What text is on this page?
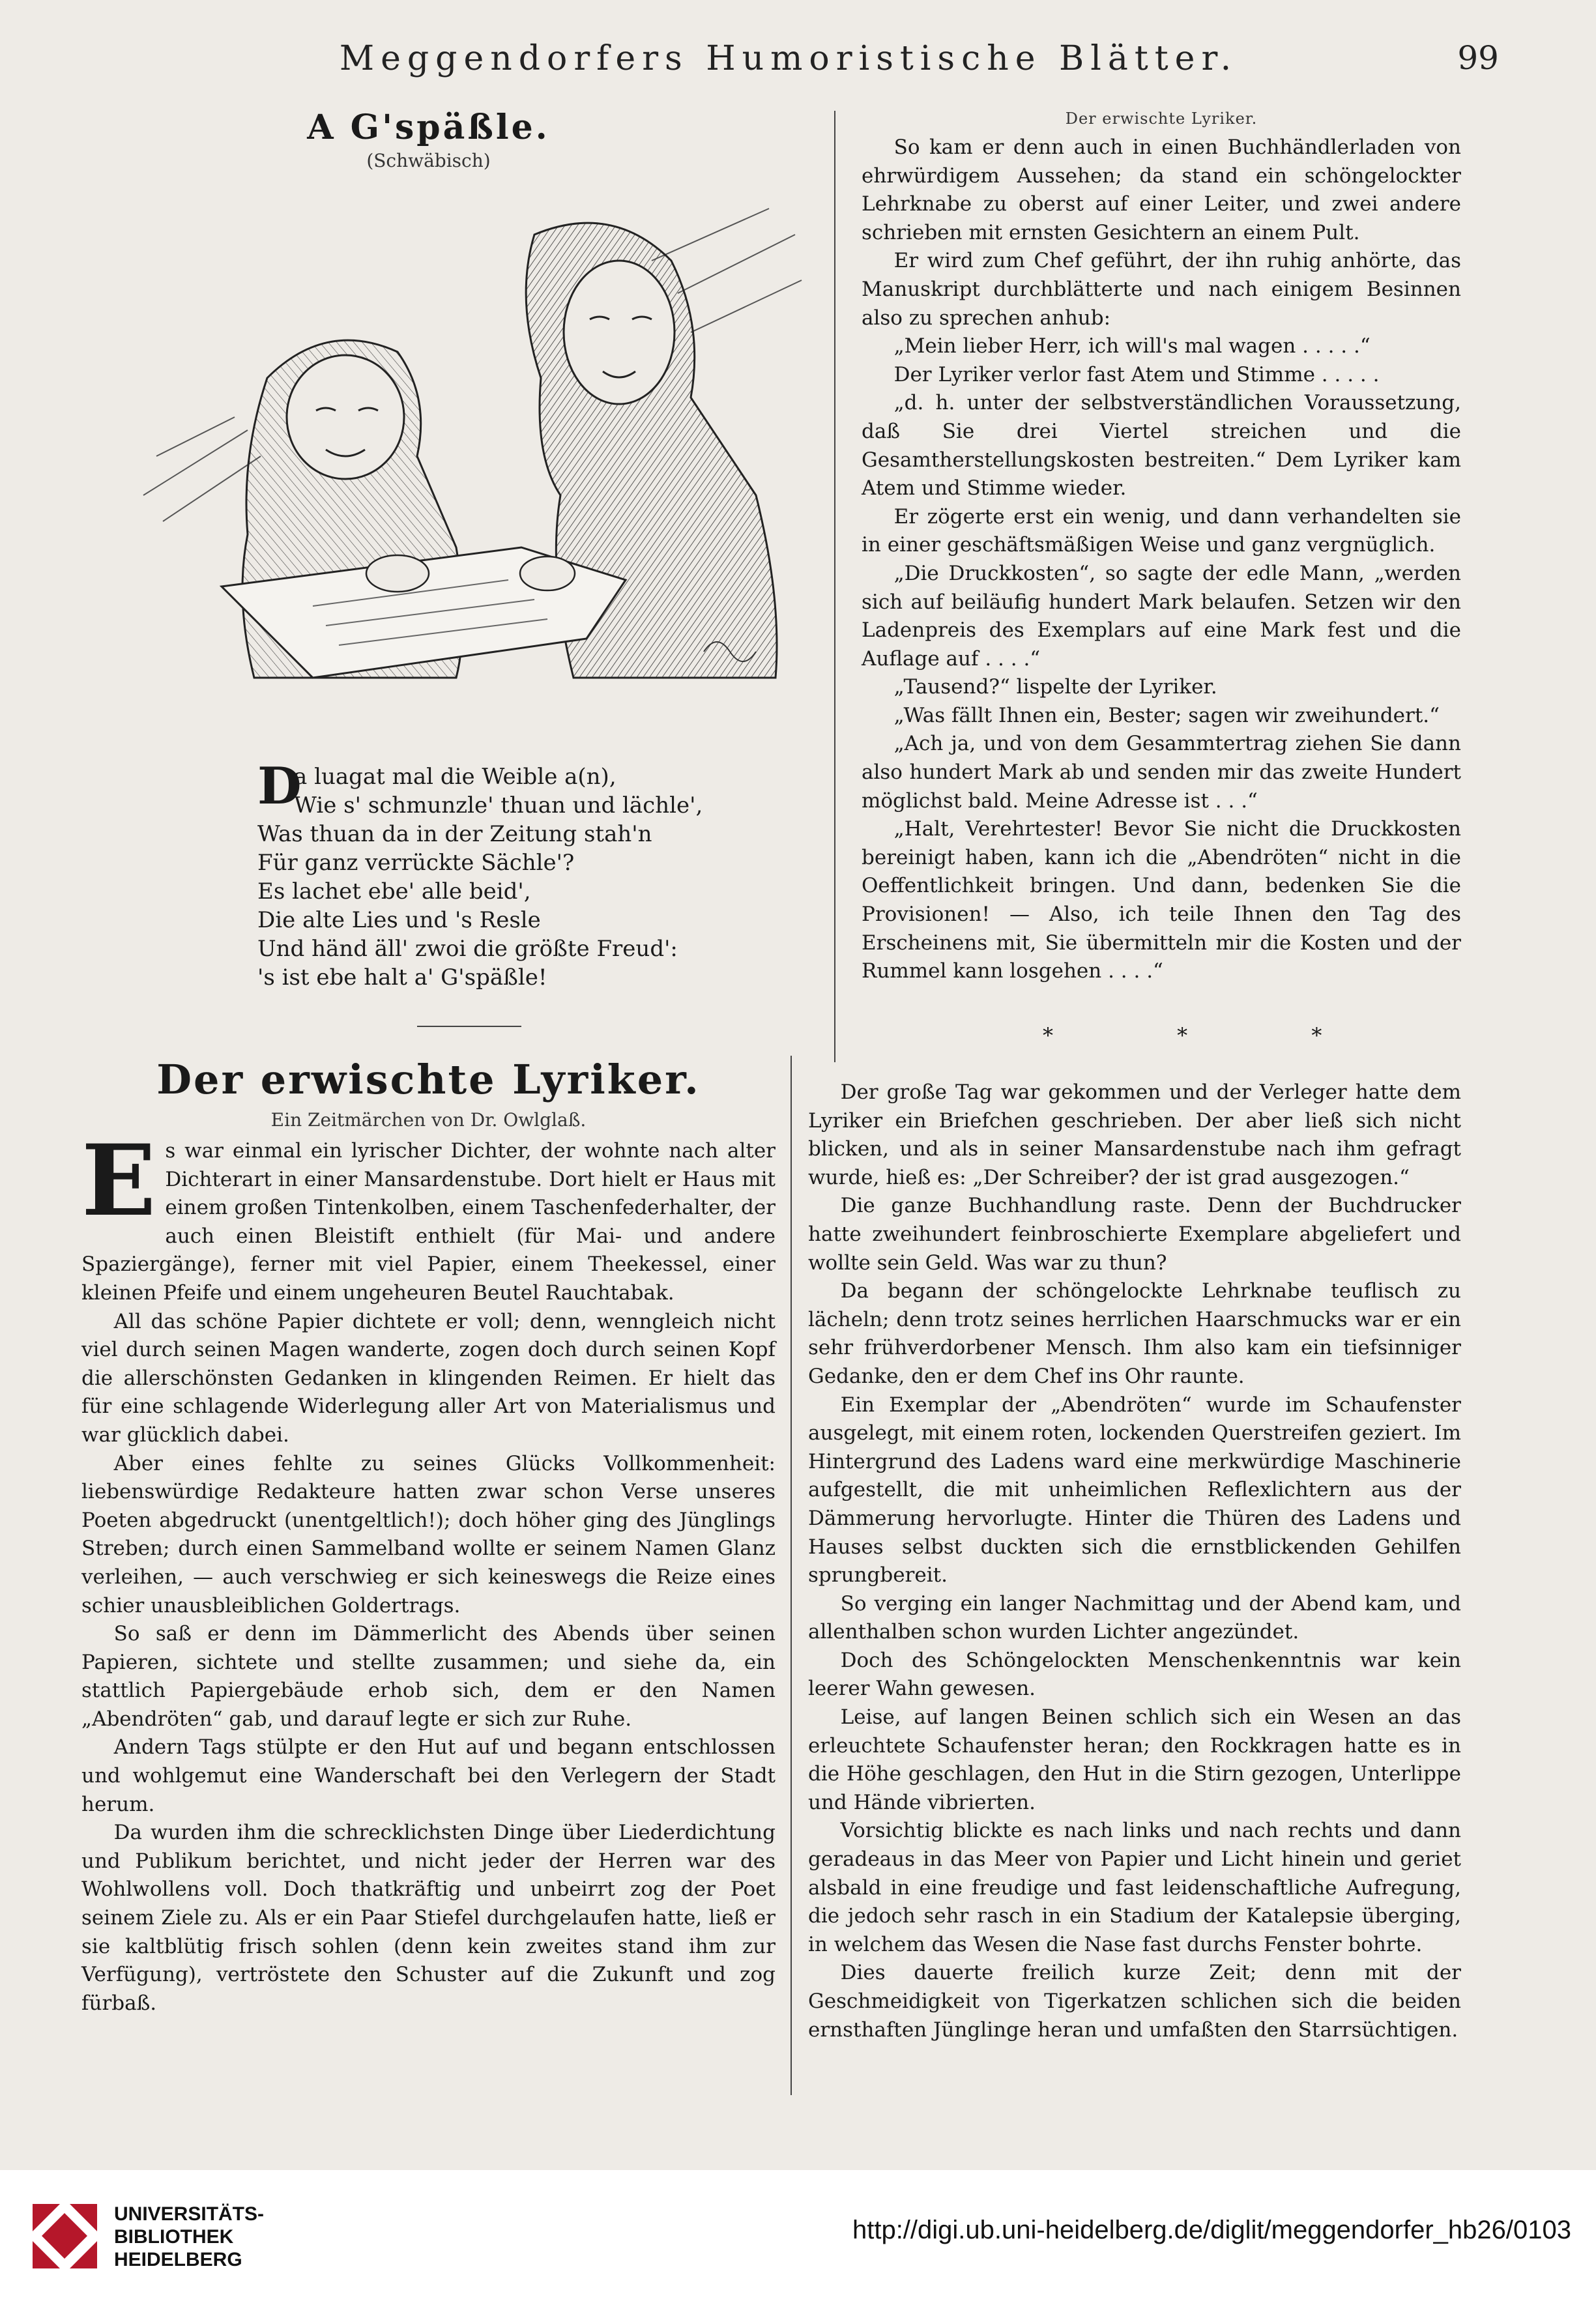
Meggendorfers Humoristische Blätter.	99
A G'späßle.
(Schwäbisch)
D
a luagat mal die Weible a(n),
Wie s' schmunzle' thuan und lächle',
Was thuan da in der Zeitung stah'n
Für ganz verrückte Sächle'?
Es lachet ebe' alle beid',
Die alte Lies und 's Resle
Und händ äll' zwoi die größte Freud':
's ist ebe halt a' G'späßle!
Der erwischte Lyriker.
Ein Zeitmärchen von Dr. Owlglaß.

Es war einmal ein lyrischer Dichter, der wohnte nach alter Dichterart in einer Mansardenstube. Dort hielt er Haus mit einem großen Tintenkolben, einem Taschenfederhalter, der auch einen Bleistift enthielt (für Mai- und andere Spaziergänge), ferner mit viel Papier, einem Theekessel, einer kleinen Pfeife und einem ungeheuren Beutel Rauchtabak.

All das schöne Papier dichtete er voll; denn, wenngleich nicht viel durch seinen Magen wanderte, zogen doch durch seinen Kopf die allerschönsten Gedanken in klingenden Reimen. Er hielt das für eine schlagende Widerlegung aller Art von Materialismus und war glücklich dabei.

Aber eines fehlte zu seines Glücks Vollkommenheit: liebenswürdige Redakteure hatten zwar schon Verse unseres Poeten abgedruckt (unentgeltlich!); doch höher ging des Jünglings Streben; durch einen Sammelband wollte er seinem Namen Glanz verleihen, — auch verschwieg er sich keineswegs die Reize eines schier unausbleiblichen Goldertrags.

So saß er denn im Dämmerlicht des Abends über seinen Papieren, sichtete und stellte zusammen; und siehe da, ein stattlich Papiergebäude erhob sich, dem er den Namen „Abendröten“ gab, und darauf legte er sich zur Ruhe.

Andern Tags stülpte er den Hut auf und begann entschlossen und wohlgemut eine Wanderschaft bei den Verlegern der Stadt herum.

Da wurden ihm die schrecklichsten Dinge über Liederdichtung und Publikum berichtet, und nicht jeder der Herren war des Wohlwollens voll. Doch thatkräftig und unbeirrt zog der Poet seinem Ziele zu. Als er ein Paar Stiefel durchgelaufen hatte, ließ er sie kaltblütig frisch sohlen (denn kein zweites stand ihm zur Verfügung), vertröstete den Schuster auf die Zukunft und zog fürbaß.

Der erwischte Lyriker.

So kam er denn auch in einen Buchhändlerladen von ehrwürdigem Aussehen; da stand ein schöngelockter Lehrknabe zu oberst auf einer Leiter, und zwei andere schrieben mit ernsten Gesichtern an einem Pult.

Er wird zum Chef geführt, der ihn ruhig anhörte, das Manuskript durchblätterte und nach einigem Besinnen also zu sprechen anhub:

„Mein lieber Herr, ich will's mal wagen . . . . .“

Der Lyriker verlor fast Atem und Stimme . . . . .

„d. h. unter der selbstverständlichen Voraussetzung, daß Sie drei Viertel streichen und die Gesamtherstellungskosten bestreiten.“ Dem Lyriker kam Atem und Stimme wieder.

Er zögerte erst ein wenig, und dann verhandelten sie in einer geschäftsmäßigen Weise und ganz vergnüglich.

„Die Druckkosten“, so sagte der edle Mann, „werden sich auf beiläufig hundert Mark belaufen. Setzen wir den Ladenpreis des Exemplars auf eine Mark fest und die Auflage auf . . . .“

„Tausend?“ lispelte der Lyriker.

„Was fällt Ihnen ein, Bester; sagen wir zweihundert.“

„Ach ja, und von dem Gesammtertrag ziehen Sie dann also hundert Mark ab und senden mir das zweite Hundert möglichst bald. Meine Adresse ist . . .“

„Halt, Verehrtester! Bevor Sie nicht die Druckkosten bereinigt haben, kann ich die „Abendröten“ nicht in die Oeffentlichkeit bringen. Und dann, bedenken Sie die Provisionen! — Also, ich teile Ihnen den Tag des Erscheinens mit, Sie übermitteln mir die Kosten und der Rummel kann losgehen . . . .“

* * *

Der große Tag war gekommen und der Verleger hatte dem Lyriker ein Briefchen geschrieben. Der aber ließ sich nicht blicken, und als in seiner Mansardenstube nach ihm gefragt wurde, hieß es: „Der Schreiber? der ist grad ausgezogen.“

Die ganze Buchhandlung raste. Denn der Buchdrucker hatte zweihundert feinbroschierte Exemplare abgeliefert und wollte sein Geld. Was war zu thun?

Da begann der schöngelockte Lehrknabe teuflisch zu lächeln; denn trotz seines herrlichen Haarschmucks war er ein sehr frühverdorbener Mensch. Ihm also kam ein tiefsinniger Gedanke, den er dem Chef ins Ohr raunte.

Ein Exemplar der „Abendröten“ wurde im Schaufenster ausgelegt, mit einem roten, lockenden Querstreifen geziert. Im Hintergrund des Ladens ward eine merkwürdige Maschinerie aufgestellt, die mit unheimlichen Reflexlichtern aus der Dämmerung hervorlugte. Hinter die Thüren des Ladens und Hauses selbst duckten sich die ernstblickenden Gehilfen sprungbereit.

So verging ein langer Nachmittag und der Abend kam, und allenthalben schon wurden Lichter angezündet.

Doch des Schöngelockten Menschenkenntnis war kein leerer Wahn gewesen.

Leise, auf langen Beinen schlich sich ein Wesen an das erleuchtete Schaufenster heran; den Rockkragen hatte es in die Höhe geschlagen, den Hut in die Stirn gezogen, Unterlippe und Hände vibrierten.

Vorsichtig blickte es nach links und nach rechts und dann geradeaus in das Meer von Papier und Licht hinein und geriet alsbald in eine freudige und fast leidenschaftliche Aufregung, die jedoch sehr rasch in ein Stadium der Katalepsie überging, in welchem das Wesen die Nase fast durchs Fenster bohrte.

Dies dauerte freilich kurze Zeit; denn mit der Geschmeidigkeit von Tigerkatzen schlichen sich die beiden ernsthaften Jünglinge heran und umfaßten den Starrsüchtigen.

UNIVERSITÄTS-
BIBLIOTHEK
HEIDELBERG
http://digi.ub.uni-heidelberg.de/diglit/meggendorfer_hb26/0103
